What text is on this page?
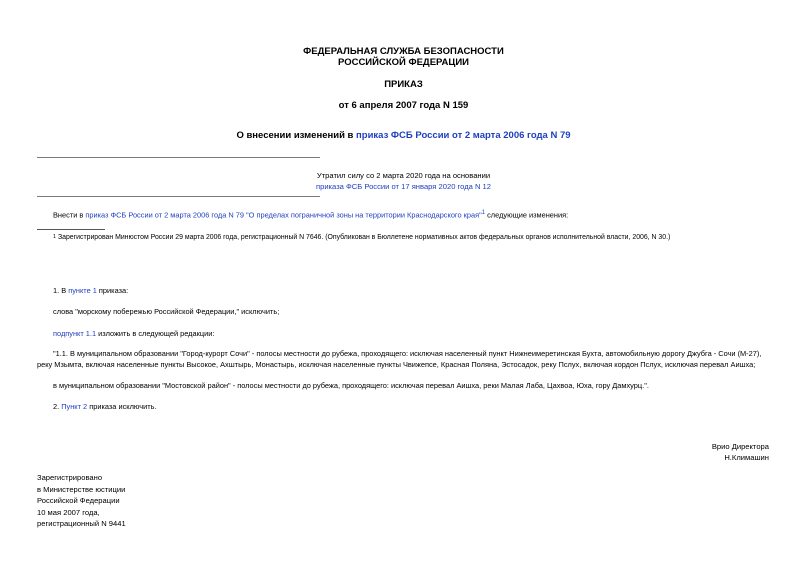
ФЕДЕРАЛЬНАЯ СЛУЖБА БЕЗОПАСНОСТИ
РОССИЙСКОЙ ФЕДЕРАЦИИ
ПРИКАЗ
от 6 апреля 2007 года N 159
О внесении изменений в приказ ФСБ России от 2 марта 2006 года N 79
Утратил силу со 2 марта 2020 года на основании
приказа ФСБ России от 17 января 2020 года N 12
Внести в приказ ФСБ России от 2 марта 2006 года N 79 "О пределах пограничной зоны на территории Краснодарского края"$^1$ следующие изменения:
$^1$ Зарегистрирован Минюстом России 29 марта 2006 года, регистрационный N 7646. (Опубликован в Бюллетене нормативных актов федеральных органов исполнительной власти, 2006, N 30.)
1. В пункте 1 приказа:
слова "морскому побережью Российской Федерации," исключить;
подпункт 1.1 изложить в следующей редакции:
"1.1. В муниципальном образовании "Город-курорт Сочи" - полосы местности до рубежа, проходящего: исключая населенный пункт Нижнеимеретинская Бухта, автомобильную дорогу Джубга - Сочи (М-27), реку Мзымта, включая населенные пункты Высокое, Ахштырь, Монастырь, исключая населенные пункты Чвижепсе, Красная Поляна, Эстосадок, реку Пслух, включая кордон Пслух, исключая перевал Аишха;
в муниципальном образовании "Мостовской район" - полосы местности до рубежа, проходящего: исключая перевал Аишха, реки Малая Лаба, Цахвоа, Юха, гору Дамхурц.".
2. Пункт 2 приказа исключить.
Врио Директора
Н.Климашин
Зарегистрировано
в Министерстве юстиции
Российской Федерации
10 мая 2007 года,
регистрационный N 9441
